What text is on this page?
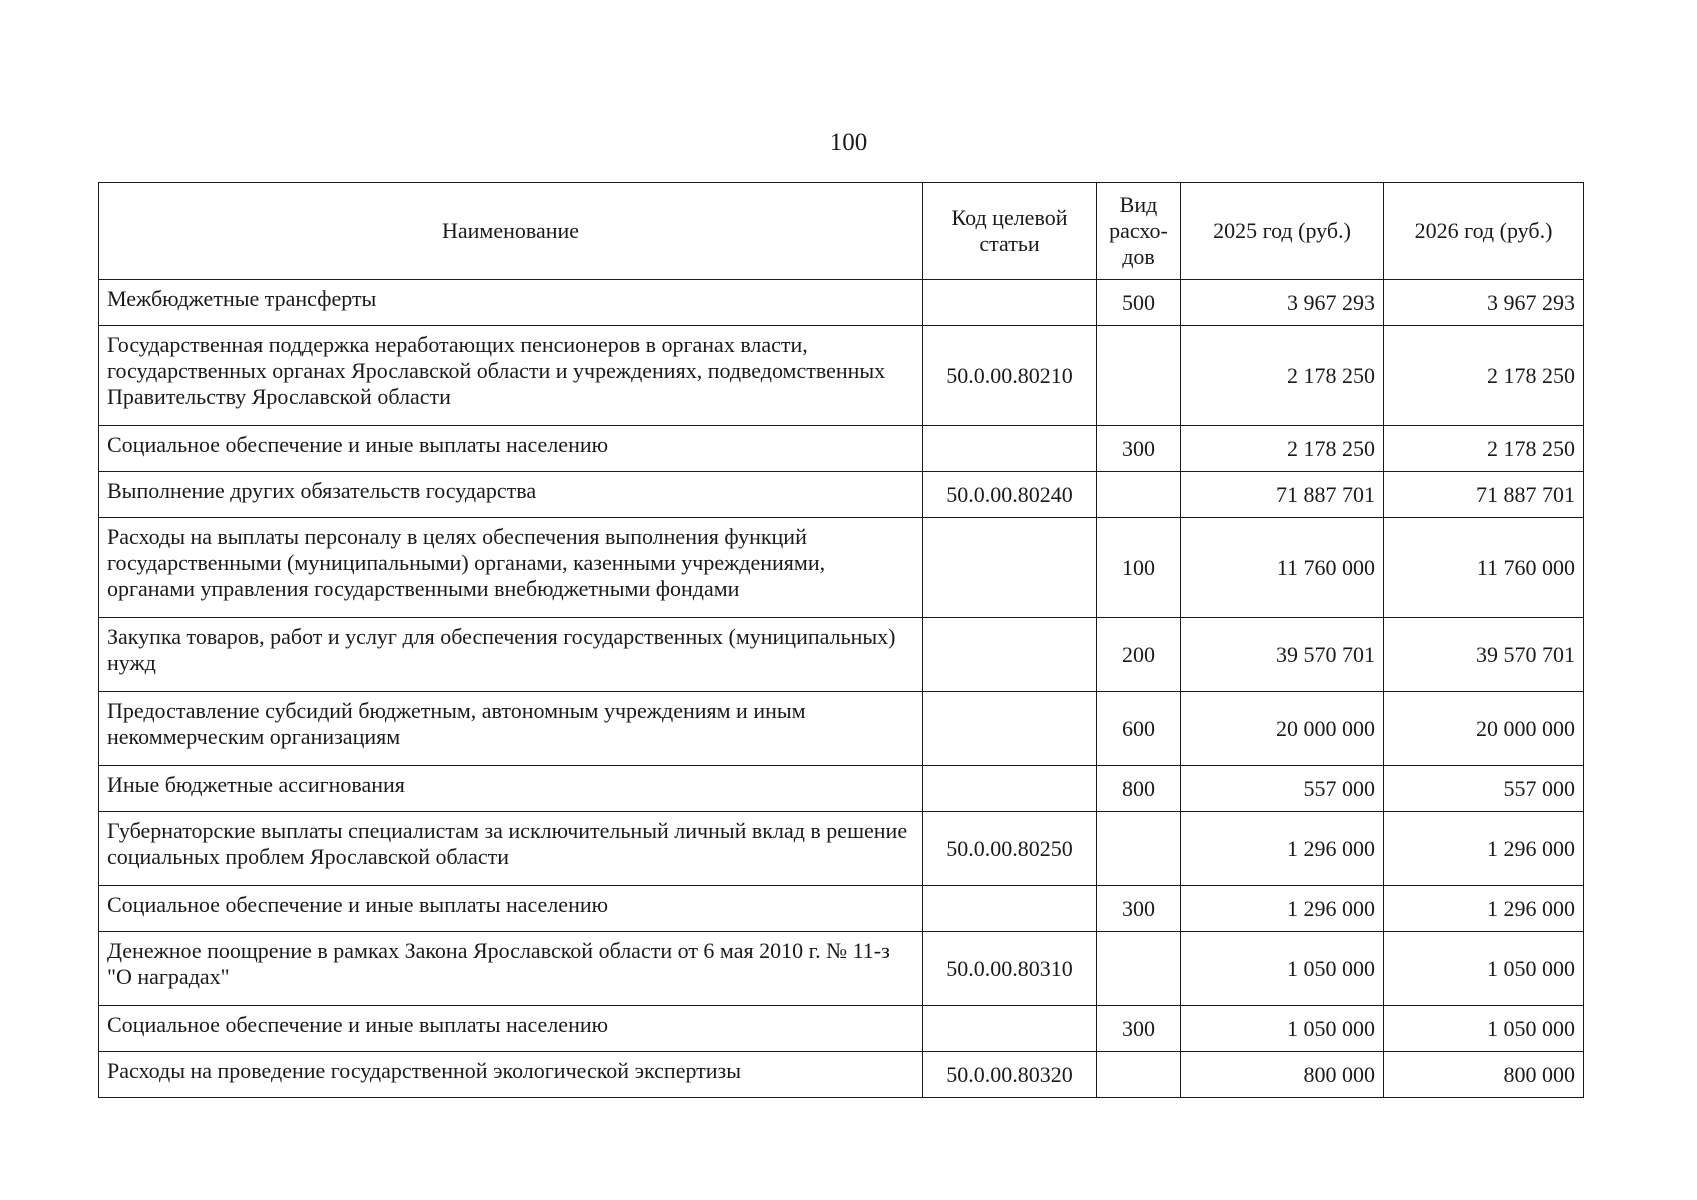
100
Наименование	Код целевой статьи	Вид расхо-дов	2025 год (руб.)	2026 год (руб.)
Межбюджетные трансферты		500	3 967 293	3 967 293
Государственная поддержка неработающих пенсионеров в органах власти, государственных органах Ярославской области и учреждениях, подведомственных Правительству Ярославской области	50.0.00.80210		2 178 250	2 178 250
Социальное обеспечение и иные выплаты населению		300	2 178 250	2 178 250
Выполнение других обязательств государства	50.0.00.80240		71 887 701	71 887 701
Расходы на выплаты персоналу в целях обеспечения выполнения функций государственными (муниципальными) органами, казенными учреждениями, органами управления государственными внебюджетными фондами		100	11 760 000	11 760 000
Закупка товаров, работ и услуг для обеспечения государственных (муниципальных) нужд		200	39 570 701	39 570 701
Предоставление субсидий бюджетным, автономным учреждениям и иным некоммерческим организациям		600	20 000 000	20 000 000
Иные бюджетные ассигнования		800	557 000	557 000
Губернаторские выплаты специалистам за исключительный личный вклад в решение социальных проблем Ярославской области	50.0.00.80250		1 296 000	1 296 000
Социальное обеспечение и иные выплаты населению		300	1 296 000	1 296 000
Денежное поощрение в рамках Закона Ярославской области от 6 мая 2010 г. № 11-з "О наградах"	50.0.00.80310		1 050 000	1 050 000
Социальное обеспечение и иные выплаты населению		300	1 050 000	1 050 000
Расходы на проведение государственной экологической экспертизы	50.0.00.80320		800 000	800 000
